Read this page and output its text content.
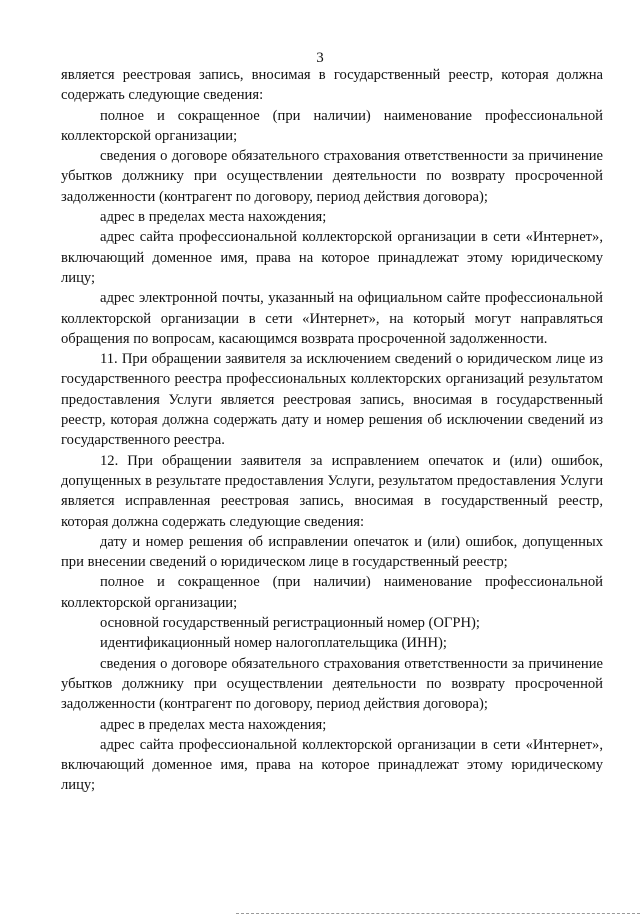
3

является реестровая запись, вносимая в государственный реестр, которая должна содержать следующие сведения:

полное и сокращенное (при наличии) наименование профессиональной коллекторской организации;

сведения о договоре обязательного страхования ответственности за причинение убытков должнику при осуществлении деятельности по возврату просроченной задолженности (контрагент по договору, период действия договора);

адрес в пределах места нахождения;

адрес сайта профессиональной коллекторской организации в сети «Интернет», включающий доменное имя, права на которое принадлежат этому юридическому лицу;

адрес электронной почты, указанный на официальном сайте профессиональной коллекторской организации в сети «Интернет», на который могут направляться обращения по вопросам, касающимся возврата просроченной задолженности.

11. При обращении заявителя за исключением сведений о юридическом лице из государственного реестра профессиональных коллекторских организаций результатом предоставления Услуги является реестровая запись, вносимая в государственный реестр, которая должна содержать дату и номер решения об исключении сведений из государственного реестра.

12. При обращении заявителя за исправлением опечаток и (или) ошибок, допущенных в результате предоставления Услуги, результатом предоставления Услуги является исправленная реестровая запись, вносимая в государственный реестр, которая должна содержать следующие сведения:

дату и номер решения об исправлении опечаток и (или) ошибок, допущенных при внесении сведений о юридическом лице в государственный реестр;

полное и сокращенное (при наличии) наименование профессиональной коллекторской организации;

основной государственный регистрационный номер (ОГРН);

идентификационный номер налогоплательщика (ИНН);

сведения о договоре обязательного страхования ответственности за причинение убытков должнику при осуществлении деятельности по возврату просроченной задолженности (контрагент по договору, период действия договора);

адрес в пределах места нахождения;

адрес сайта профессиональной коллекторской организации в сети «Интернет», включающий доменное имя, права на которое принадлежат этому юридическому лицу;
